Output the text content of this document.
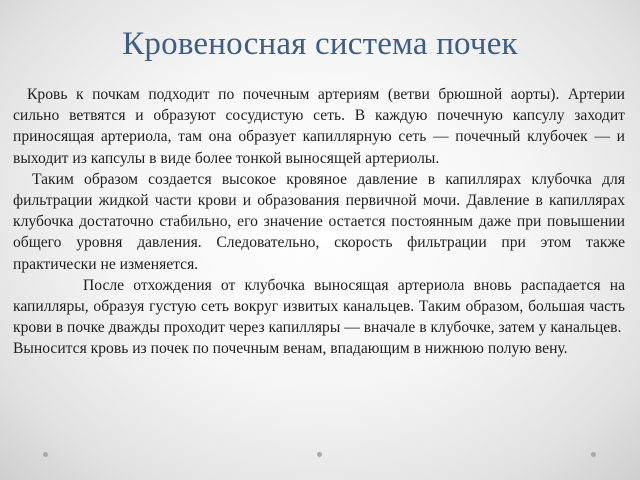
Кровеносная система почек

Кровь к почкам подходит по почечным артериям (ветви брюшной аорты). Артерии сильно ветвятся и образуют сосудистую сеть. В каждую почечную капсулу заходит приносящая артериола, там она образует капиллярную сеть — почечный клубочек — и выходит из капсулы в виде более тонкой выносящей артериолы.

Таким образом создается высокое кровяное давление в капиллярах клубочка для фильтрации жидкой части крови и образования первичной мочи. Давление в капиллярах клубочка достаточно стабильно, его значение остается постоянным даже при повышении общего уровня давления. Следовательно, скорость фильтрации при этом также практически не изменяется.

После отхождения от клубочка выносящая артериола вновь распадается на капилляры, образуя густую сеть вокруг извитых канальцев. Таким образом, большая часть крови в почке дважды проходит через капилляры — вначале в клубочке, затем у канальцев.

Выносится кровь из почек по почечным венам, впадающим в нижнюю полую вену.
